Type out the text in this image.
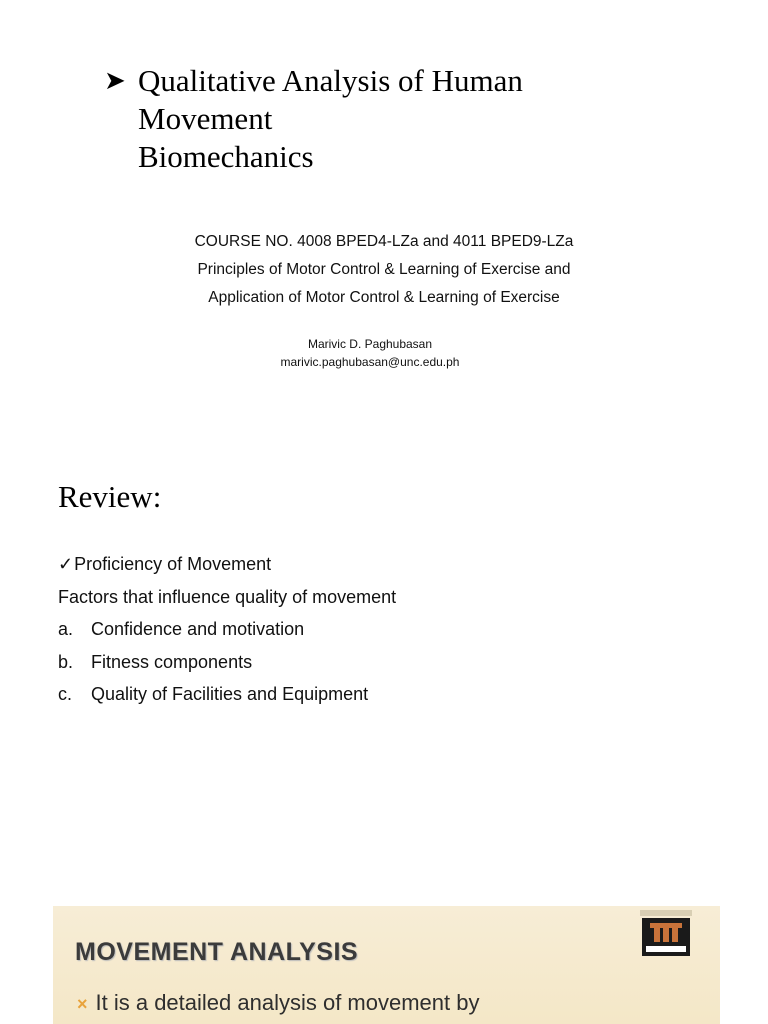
➤ Qualitative Analysis of Human
Movement
Biomechanics
COURSE NO. 4008 BPED4-LZa and 4011 BPED9-LZa
Principles of Motor Control & Learning of Exercise and
Application of Motor Control & Learning of Exercise
Marivic D. Paghubasan
marivic.paghubasan@unc.edu.ph
Review:
✓ Proficiency of Movement
Factors that influence quality of movement
a. Confidence and motivation
b. Fitness components
c.	Quality of Facilities and Equipment
MOVEMENT ANALYSIS
× It is a detailed analysis of movement by
